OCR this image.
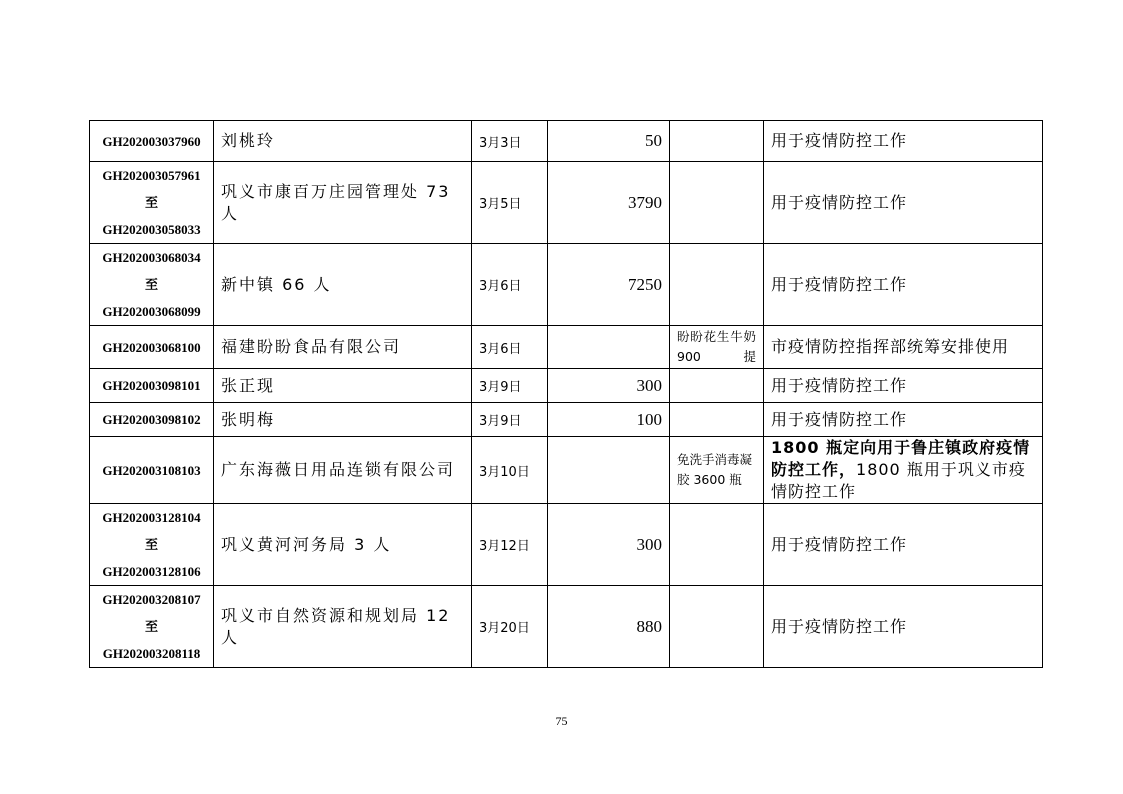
GH202003037960	刘桃玲	3月3日	50		用于疫情防控工作

GH202003057961
至
GH202003058033	巩义市康百万庄园管理处 73 人	3月5日	3790		用于疫情防控工作

GH202003068034
至
GH202003068099	新中镇 66 人	3月6日	7250		用于疫情防控工作

GH202003068100	福建盼盼食品有限公司	3月6日		盼盼花生牛奶 900 提	市疫情防控指挥部统筹安排使用

GH202003098101	张正现	3月9日	300		用于疫情防控工作

GH202003098102	张明梅	3月9日	100		用于疫情防控工作

GH202003108103	广东海薇日用品连锁有限公司	3月10日		免洗手消毒凝胶 3600 瓶	1800 瓶定向用于鲁庄镇政府疫情防控工作，1800 瓶用于巩义市疫情防控工作

GH202003128104
至
GH202003128106	巩义黄河河务局 3 人	3月12日	300		用于疫情防控工作

GH202003208107
至
GH202003208118	巩义市自然资源和规划局 12 人	3月20日	880		用于疫情防控工作
75
